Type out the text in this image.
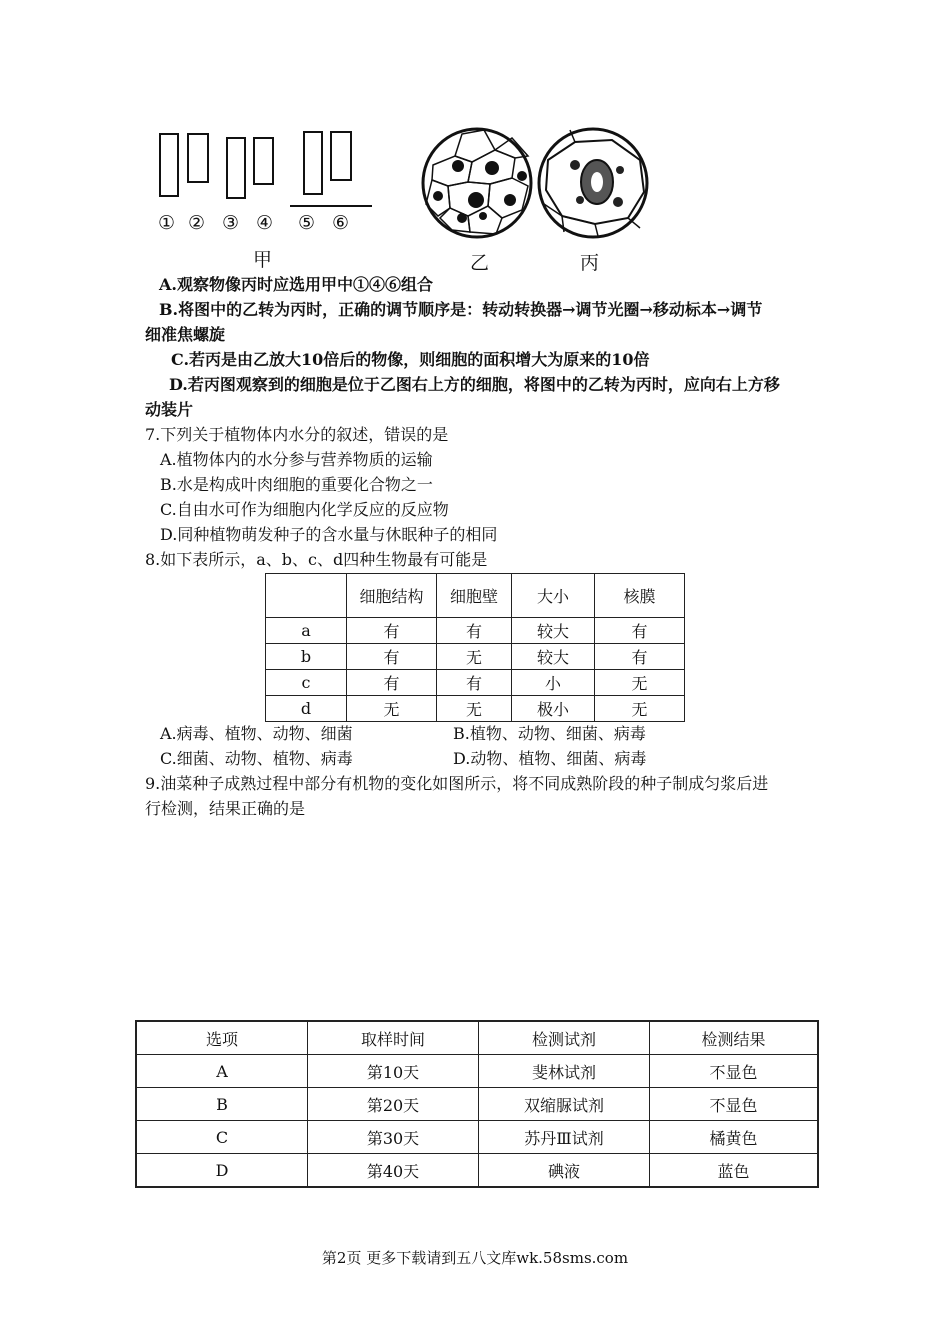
① ② ③ ④ ⑤ ⑥
甲	乙	丙
A.观察物像丙时应选用甲中①④⑥组合
B.将图中的乙转为丙时，正确的调节顺序是：转动转换器→调节光圈→移动标本→调节
细准焦螺旋
C.若丙是由乙放大10倍后的物像，则细胞的面积增大为原来的10倍
D.若丙图观察到的细胞是位于乙图右上方的细胞，将图中的乙转为丙时，应向右上方移
动装片
7.下列关于植物体内水分的叙述，错误的是
A.植物体内的水分参与营养物质的运输
B.水是构成叶肉细胞的重要化合物之一
C.自由水可作为细胞内化学反应的反应物
D.同种植物萌发种子的含水量与休眠种子的相同
8.如下表所示，a、b、c、d四种生物最有可能是
	细胞结构	细胞壁	大小	核膜
a	有	有	较大	有
b	有	无	较大	有
c	有	有	小	无
d	无	无	极小	无
A.病毒、植物、动物、细菌	B.植物、动物、细菌、病毒
C.细菌、动物、植物、病毒	D.动物、植物、细菌、病毒
9.油菜种子成熟过程中部分有机物的变化如图所示，将不同成熟阶段的种子制成匀浆后进
行检测，结果正确的是
选项	取样时间	检测试剂	检测结果
A	第10天	斐林试剂	不显色
B	第20天	双缩脲试剂	不显色
C	第30天	苏丹Ⅲ试剂	橘黄色
D	第40天	碘液	蓝色
第2页 更多下载请到五八文库wk.58sms.com
